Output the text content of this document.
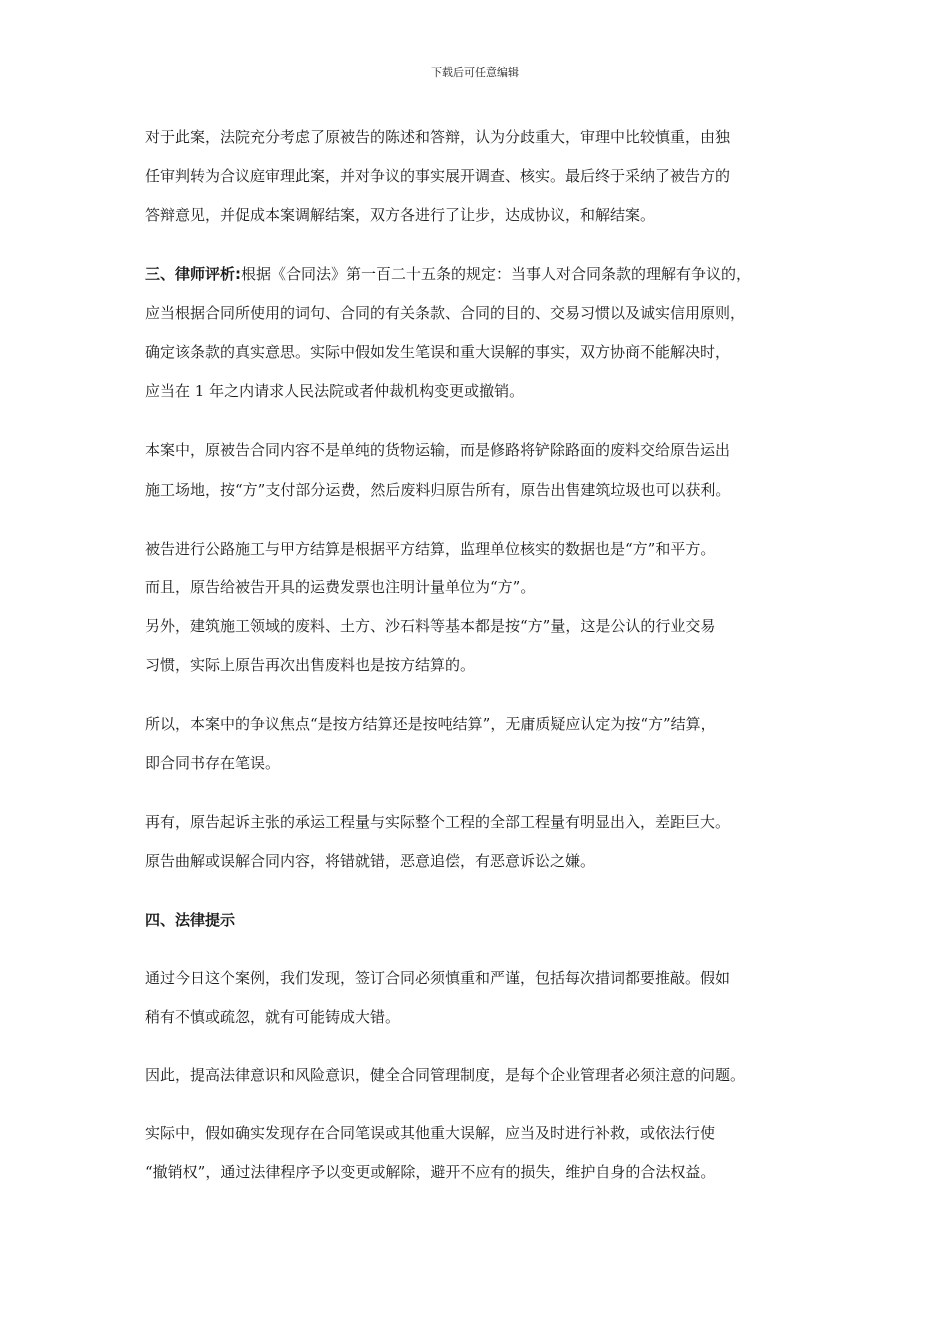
下载后可任意编辑
对于此案，法院充分考虑了原被告的陈述和答辩，认为分歧重大，审理中比较慎重，由独
任审判转为合议庭审理此案，并对争议的事实展开调查、核实。最后终于采纳了被告方的
答辩意见，并促成本案调解结案，双方各进行了让步，达成协议，和解结案。
三、律师评析:根据《合同法》第一百二十五条的规定：当事人对合同条款的理解有争议的，
应当根据合同所使用的词句、合同的有关条款、合同的目的、交易习惯以及诚实信用原则，
确定该条款的真实意思。实际中假如发生笔误和重大误解的事实，双方协商不能解决时，
应当在 1 年之内请求人民法院或者仲裁机构变更或撤销。
本案中，原被告合同内容不是单纯的货物运输，而是修路将铲除路面的废料交给原告运出
施工场地，按“方”支付部分运费，然后废料归原告所有，原告出售建筑垃圾也可以获利。
被告进行公路施工与甲方结算是根据平方结算，监理单位核实的数据也是“方”和平方。
而且，原告给被告开具的运费发票也注明计量单位为“方”。
另外，建筑施工领域的废料、土方、沙石料等基本都是按“方”量，这是公认的行业交易
习惯，实际上原告再次出售废料也是按方结算的。
所以，本案中的争议焦点“是按方结算还是按吨结算”，无庸质疑应认定为按“方”结算，
即合同书存在笔误。
再有，原告起诉主张的承运工程量与实际整个工程的全部工程量有明显出入，差距巨大。
原告曲解或误解合同内容，将错就错，恶意追偿，有恶意诉讼之嫌。
四、法律提示
通过今日这个案例，我们发现，签订合同必须慎重和严谨，包括每次措词都要推敲。假如
稍有不慎或疏忽，就有可能铸成大错。
因此，提高法律意识和风险意识，健全合同管理制度，是每个企业管理者必须注意的问题。
实际中，假如确实发现存在合同笔误或其他重大误解，应当及时进行补救，或依法行使
“撤销权”，通过法律程序予以变更或解除，避开不应有的损失，维护自身的合法权益。
